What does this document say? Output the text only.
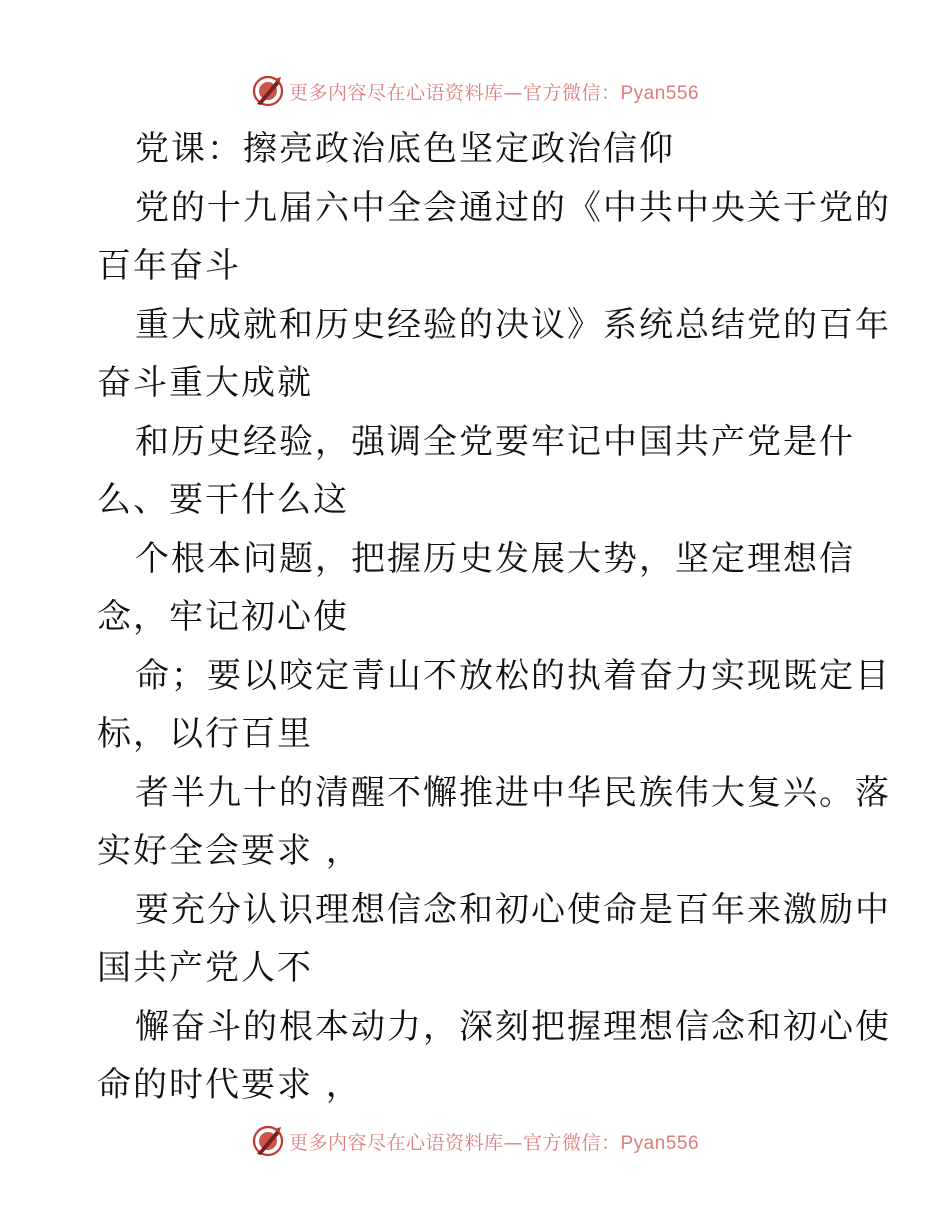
更多内容尽在心语资料库—官方微信：Pyan556
党课：擦亮政治底色坚定政治信仰
党的十九届六中全会通过的《中共中央关于党的
百年奋斗
重大成就和历史经验的决议》系统总结党的百年
奋斗重大成就
和历史经验，强调全党要牢记中国共产党是什
么、要干什么这
个根本问题，把握历史发展大势，坚定理想信
念，牢记初心使
命；要以咬定青山不放松的执着奋力实现既定目
标，以行百里
者半九十的清醒不懈推进中华民族伟大复兴。落
实好全会要求 ，
要充分认识理想信念和初心使命是百年来激励中
国共产党人不
懈奋斗的根本动力，深刻把握理想信念和初心使
命的时代要求 ，
更多内容尽在心语资料库—官方微信：Pyan556
